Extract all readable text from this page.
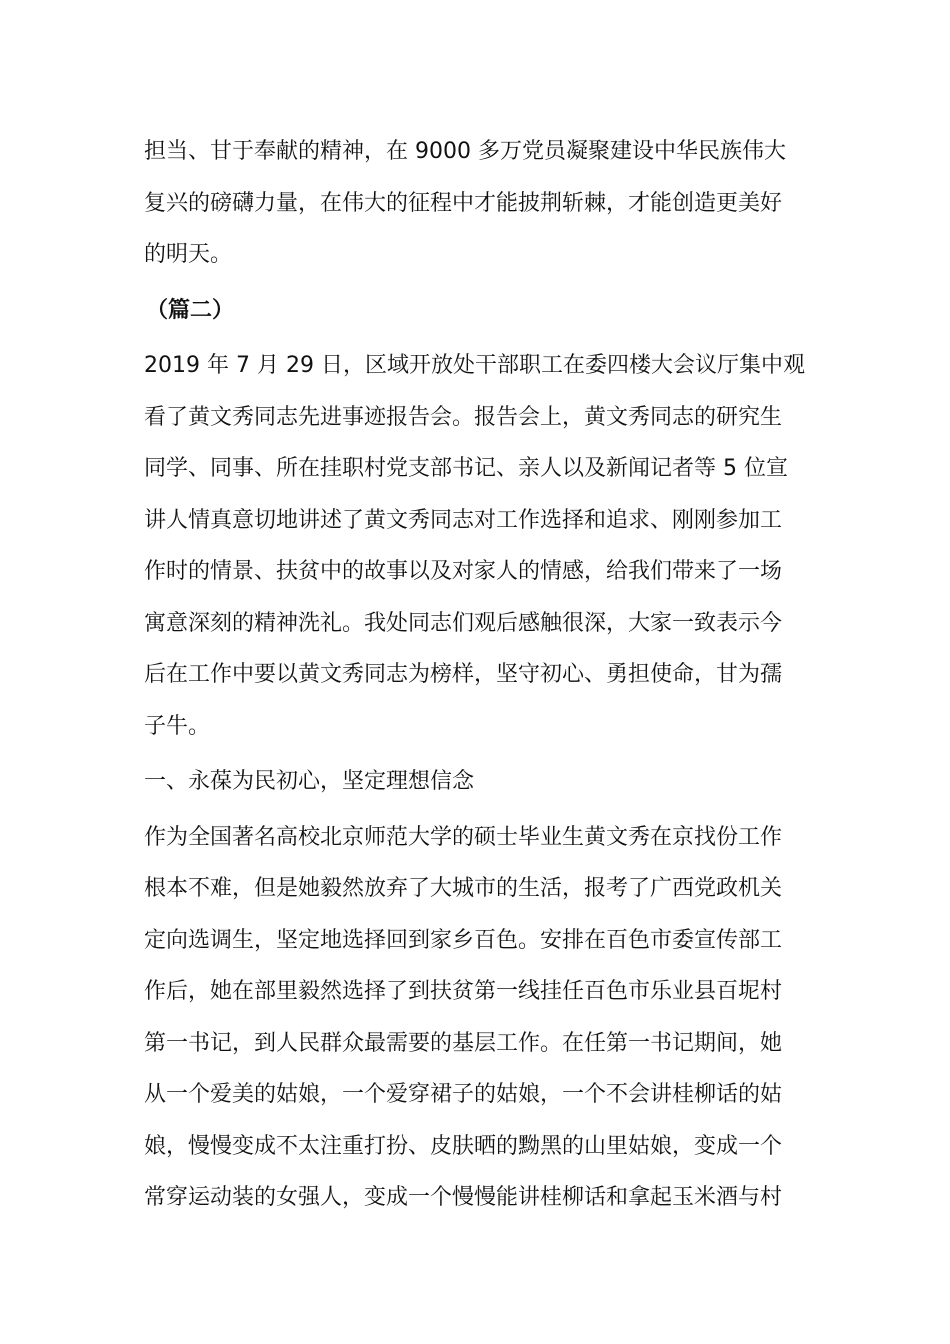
担当、甘于奉献的精神，在 9000 多万党员凝聚建设中华民族伟大
复兴的磅礴力量，在伟大的征程中才能披荆斩棘，才能创造更美好
的明天。
（篇二）
2019 年 7 月 29 日，区域开放处干部职工在委四楼大会议厅集中观
看了黄文秀同志先进事迹报告会。报告会上，黄文秀同志的研究生
同学、同事、所在挂职村党支部书记、亲人以及新闻记者等 5 位宣
讲人情真意切地讲述了黄文秀同志对工作选择和追求、刚刚参加工
作时的情景、扶贫中的故事以及对家人的情感，给我们带来了一场
寓意深刻的精神洗礼。我处同志们观后感触很深，大家一致表示今
后在工作中要以黄文秀同志为榜样，坚守初心、勇担使命，甘为孺
子牛。
一、永葆为民初心，坚定理想信念
作为全国著名高校北京师范大学的硕士毕业生黄文秀在京找份工作
根本不难，但是她毅然放弃了大城市的生活，报考了广西党政机关
定向选调生，坚定地选择回到家乡百色。安排在百色市委宣传部工
作后，她在部里毅然选择了到扶贫第一线挂任百色市乐业县百坭村
第一书记，到人民群众最需要的基层工作。在任第一书记期间，她
从一个爱美的姑娘，一个爱穿裙子的姑娘，一个不会讲桂柳话的姑
娘，慢慢变成不太注重打扮、皮肤晒的黝黑的山里姑娘，变成一个
常穿运动装的女强人，变成一个慢慢能讲桂柳话和拿起玉米酒与村
